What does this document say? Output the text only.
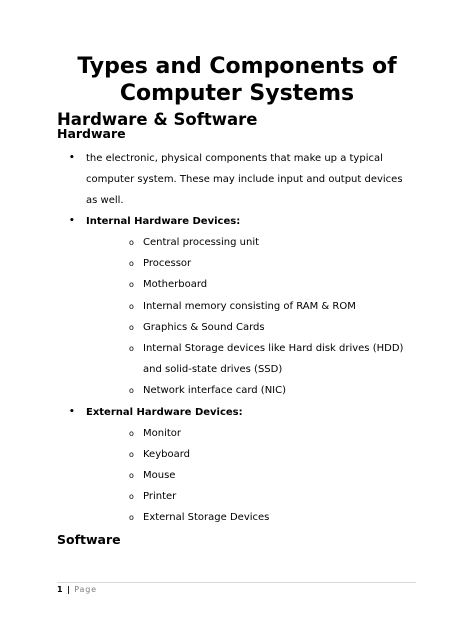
Types and Components of
Computer Systems
Hardware & Software
Hardware
• the electronic, physical components that make up a typical computer system. These may include input and output devices as well.
• Internal Hardware Devices:
o Central processing unit
o Processor
o Motherboard
o Internal memory consisting of RAM & ROM
o Graphics & Sound Cards
o Internal Storage devices like Hard disk drives (HDD) and solid-state drives (SSD)
o Network interface card (NIC)
• External Hardware Devices:
o Monitor
o Keyboard
o Mouse
o Printer
o External Storage Devices
Software
1 | Page
